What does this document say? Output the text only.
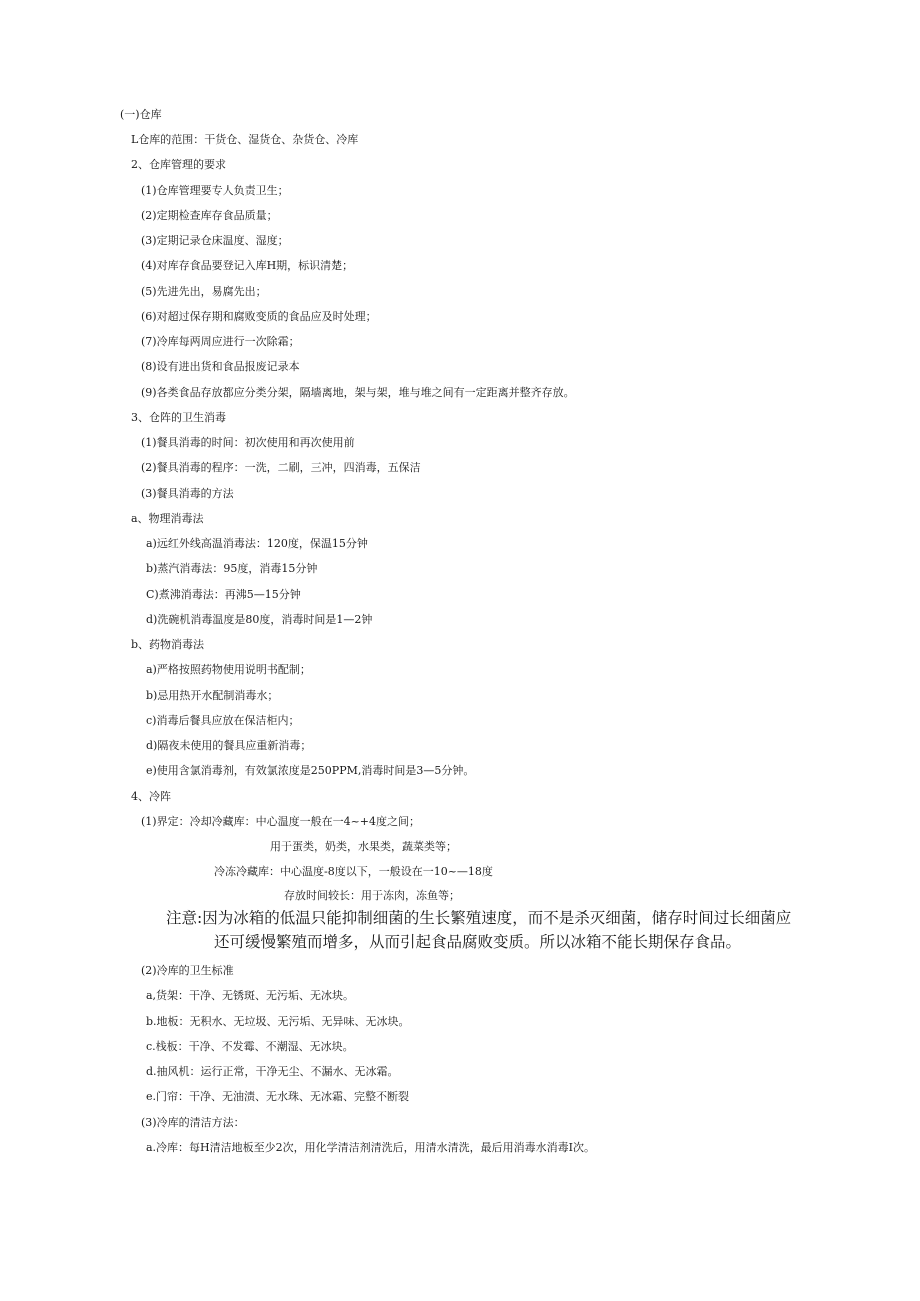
(一)仓库
L仓库的范围：干货仓、湿货仓、杂货仓、冷库
2、仓库管理的要求
(1)仓库管理要专人负责卫生；
(2)定期检查库存食品质量；
(3)定期记录仓床温度、湿度；
(4)对库存食品要登记入库H期，标识清楚；
(5)先进先出，易腐先出；
(6)对超过保存期和腐败变质的食品应及时处理；
(7)冷库每两周应进行一次除霜；
(8)设有进出货和食品报废记录本
(9)各类食品存放都应分类分架，隔墙离地，架与架，堆与堆之间有一定距离并整齐存放。
3、仓阵的卫生消毒
(1)餐具消毒的时间：初次使用和再次使用前
(2)餐具消毒的程序：一洗，二刷，三冲，四消毒，五保洁
(3)餐具消毒的方法
a、物理消毒法
a)远红外线高温消毒法：120度，保温15分钟
b)蒸汽消毒法：95度，消毒15分钟
C)煮沸消毒法：再沸5—15分钟
d)洗碗机消毒温度是80度，消毒时间是1—2钟
b、药物消毒法
a)严格按照药物使用说明书配制；
b)忌用热开水配制消毒水；
c)消毒后餐具应放在保洁柜内；
d)隔夜未使用的餐具应重新消毒；
e)使用含氯消毒剂，有效氯浓度是250PPM,消毒时间是3—5分钟。
4、冷阵
(1)界定：冷却冷藏库：中心温度一般在一4~+4度之间；
用于蛋类，奶类，水果类，蔬菜类等；
冷冻冷藏库：中心温度-8度以下，一般设在一10~—18度
存放时间较长：用于冻肉，冻鱼等；
注意:因为冰箱的低温只能抑制细菌的生长繁殖速度，而不是杀灭细菌，储存时间过长细菌应
还可缓慢繁殖而增多，从而引起食品腐败变质。所以冰箱不能长期保存食品。
(2)冷库的卫生标准
a,货架：干净、无锈斑、无污垢、无冰块。
b.地板：无积水、无垃圾、无污垢、无异味、无冰块。
c.栈板：干净、不发霉、不潮湿、无冰块。
d.抽风机：运行正常，干净无尘、不漏水、无冰霜。
e.门帘：干净、无油渍、无水珠、无冰霜、完整不断裂
(3)冷库的清洁方法：
a.冷库：每H清洁地板至少2次，用化学清洁剂清洗后，用清水清洗，最后用消毒水消毒I次。
